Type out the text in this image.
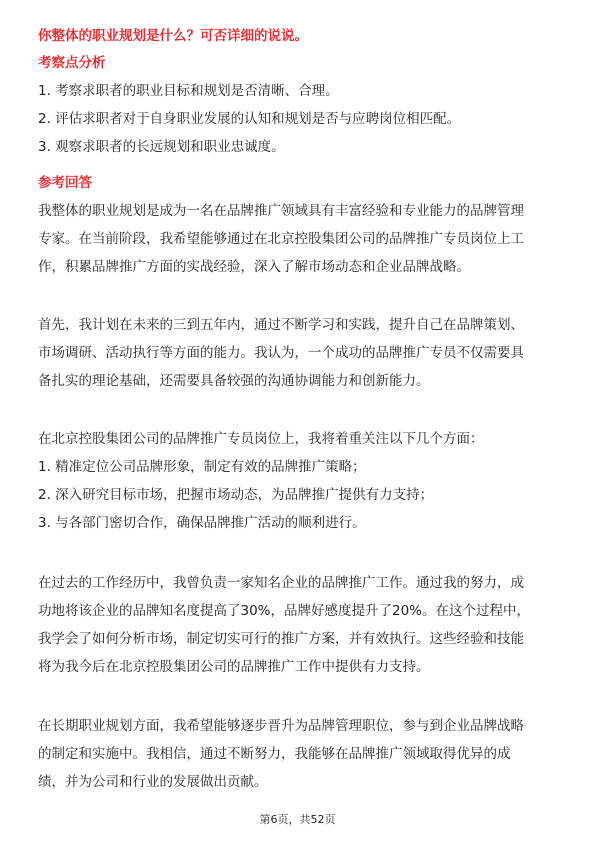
你整体的职业规划是什么？可否详细的说说。
考察点分析
1. 考察求职者的职业目标和规划是否清晰、合理。
2. 评估求职者对于自身职业发展的认知和规划是否与应聘岗位相匹配。
3. 观察求职者的长远规划和职业忠诚度。
参考回答
我整体的职业规划是成为一名在品牌推广领域具有丰富经验和专业能力的品牌管理
专家。在当前阶段，我希望能够通过在北京控股集团公司的品牌推广专员岗位上工
作，积累品牌推广方面的实战经验，深入了解市场动态和企业品牌战略。
首先，我计划在未来的三到五年内，通过不断学习和实践，提升自己在品牌策划、
市场调研、活动执行等方面的能力。我认为，一个成功的品牌推广专员不仅需要具
备扎实的理论基础，还需要具备较强的沟通协调能力和创新能力。
在北京控股集团公司的品牌推广专员岗位上，我将着重关注以下几个方面：
1. 精准定位公司品牌形象，制定有效的品牌推广策略；
2. 深入研究目标市场，把握市场动态，为品牌推广提供有力支持；
3. 与各部门密切合作，确保品牌推广活动的顺利进行。
在过去的工作经历中，我曾负责一家知名企业的品牌推广工作。通过我的努力，成
功地将该企业的品牌知名度提高了30%，品牌好感度提升了20%。在这个过程中，
我学会了如何分析市场，制定切实可行的推广方案，并有效执行。这些经验和技能
将为我今后在北京控股集团公司的品牌推广工作中提供有力支持。
在长期职业规划方面，我希望能够逐步晋升为品牌管理职位，参与到企业品牌战略
的制定和实施中。我相信，通过不断努力，我能够在品牌推广领域取得优异的成
绩，并为公司和行业的发展做出贡献。
第6页，共52页
